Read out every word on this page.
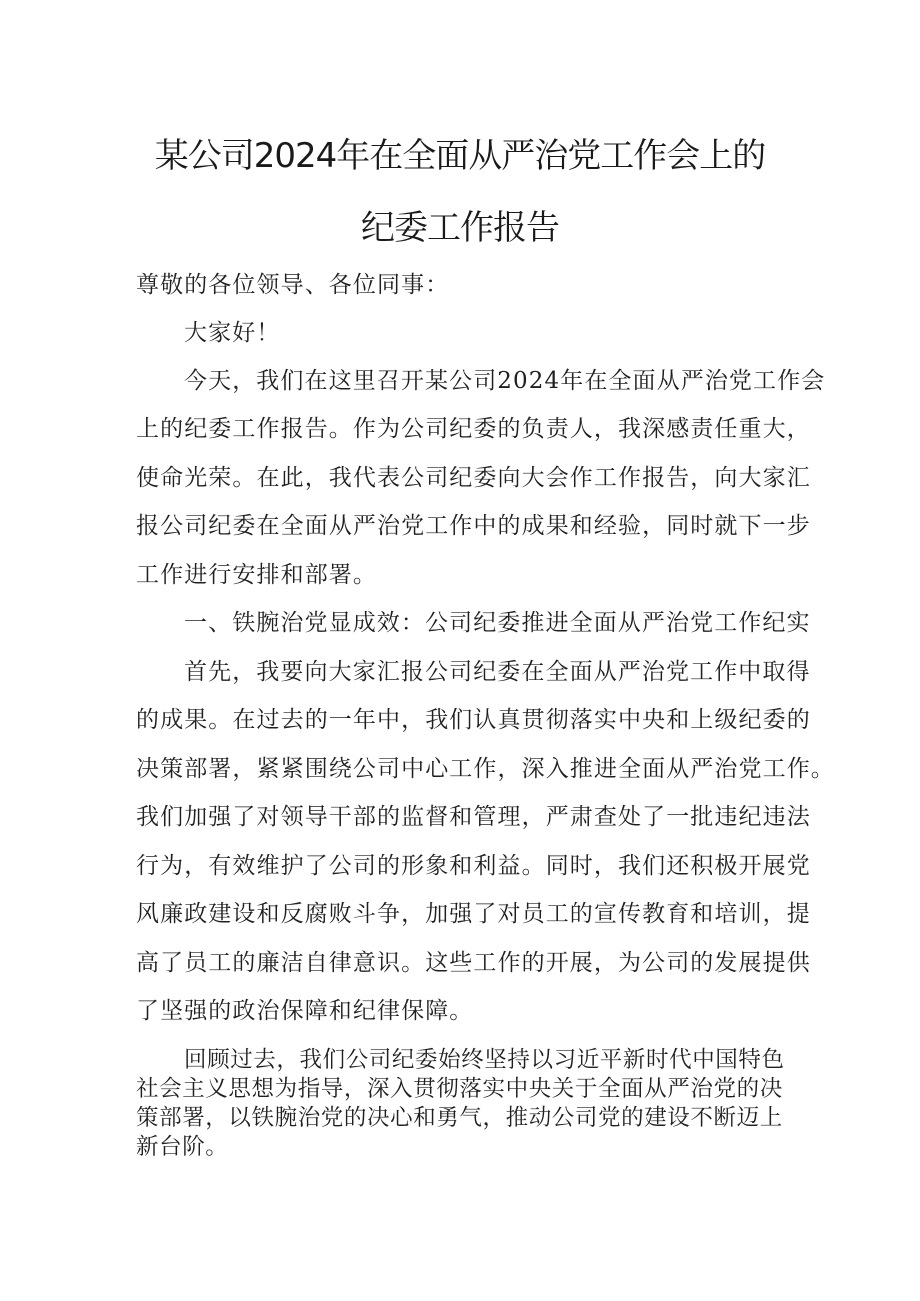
某公司2024年在全面从严治党工作会上的
纪委工作报告
尊敬的各位领导、各位同事：
大家好！
今天，我们在这里召开某公司2024年在全面从严治党工作会
上的纪委工作报告。作为公司纪委的负责人，我深感责任重大，
使命光荣。在此，我代表公司纪委向大会作工作报告，向大家汇
报公司纪委在全面从严治党工作中的成果和经验，同时就下一步
工作进行安排和部署。
一、铁腕治党显成效：公司纪委推进全面从严治党工作纪实
首先，我要向大家汇报公司纪委在全面从严治党工作中取得
的成果。在过去的一年中，我们认真贯彻落实中央和上级纪委的
决策部署，紧紧围绕公司中心工作，深入推进全面从严治党工作。
我们加强了对领导干部的监督和管理，严肃查处了一批违纪违法
行为，有效维护了公司的形象和利益。同时，我们还积极开展党
风廉政建设和反腐败斗争，加强了对员工的宣传教育和培训，提
高了员工的廉洁自律意识。这些工作的开展，为公司的发展提供
了坚强的政治保障和纪律保障。
回顾过去，我们公司纪委始终坚持以习近平新时代中国特色
社会主义思想为指导，深入贯彻落实中央关于全面从严治党的决
策部署，以铁腕治党的决心和勇气，推动公司党的建设不断迈上
新台阶。
